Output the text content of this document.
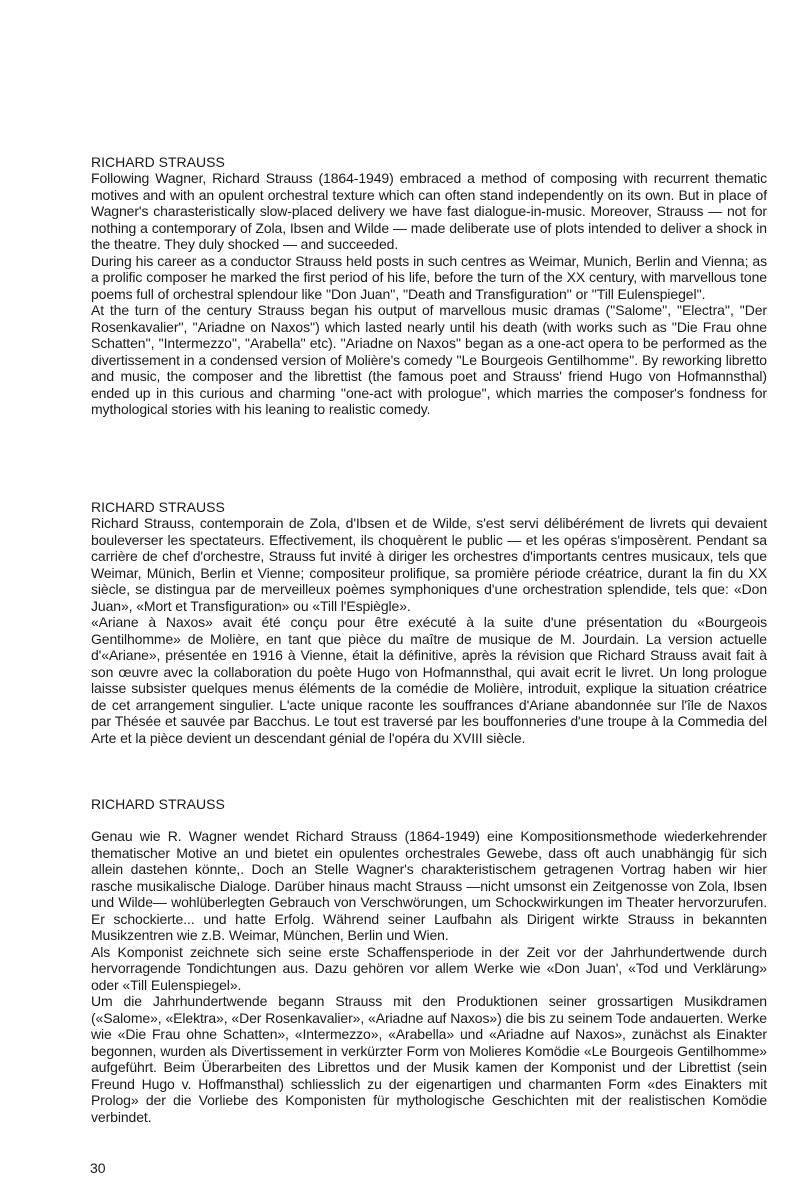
RICHARD STRAUSS

Following Wagner, Richard Strauss (1864-1949) embraced a method of composing with recurrent thematic motives and with an opulent orchestral texture which can often stand independently on its own. But in place of Wagner's charasteristically slow-placed delivery we have fast dialogue-in-music. Moreover, Strauss — not for nothing a contemporary of Zola, Ibsen and Wilde — made deliberate use of plots intended to deliver a shock in the theatre. They duly shocked — and succeeded.

During his career as a conductor Strauss held posts in such centres as Weimar, Munich, Berlin and Vienna; as a prolific composer he marked the first period of his life, before the turn of the XX century, with marvellous tone poems full of orchestral splendour like ''Don Juan'', ''Death and Transfiguration'' or ''Till Eulenspiegel''.

At the turn of the century Strauss began his output of marvellous music dramas (''Salome'', ''Electra'', ''Der Rosenkavalier'', ''Ariadne on Naxos'') which lasted nearly until his death (with works such as ''Die Frau ohne Schatten'', ''Intermezzo'', ''Arabella'' etc). ''Ariadne on Naxos'' began as a one-act opera to be performed as the divertissement in a condensed version of Molière's comedy ''Le Bourgeois Gentilhomme''. By reworking libretto and music, the composer and the librettist (the famous poet and Strauss' friend Hugo von Hofmannsthal) ended up in this curious and charming ''one-act with prologue'', which marries the composer's fondness for mythological stories with his leaning to realistic comedy.

RICHARD STRAUSS

Richard Strauss, contemporain de Zola, d'Ibsen et de Wilde, s'est servi délibérément de livrets qui devaient bouleverser les spectateurs. Effectivement, ils choquèrent le public — et les opéras s'imposèrent. Pendant sa carrière de chef d'orchestre, Strauss fut invité à diriger les orchestres d'importants centres musicaux, tels que Weimar, Münich, Berlin et Vienne; compositeur prolifique, sa promière période créatrice, durant la fin du XX siècle, se distingua par de merveilleux poèmes symphoniques d'une orchestration splendide, tels que: «Don Juan», «Mort et Transfiguration» ou «Till l'Espiègle».

«Ariane à Naxos» avait été conçu pour être exécuté à la suite d'une présentation du «Bourgeois Gentilhomme» de Molière, en tant que pièce du maître de musique de M. Jourdain. La version actuelle d'«Ariane», présentée en 1916 à Vienne, était la définitive, après la révision que Richard Strauss avait fait à son œuvre avec la collaboration du poète Hugo von Hofmannsthal, qui avait ecrit le livret. Un long prologue laisse subsister quelques menus éléments de la comédie de Molière, introduit, explique la situation créatrice de cet arrangement singulier. L'acte unique raconte les souffrances d'Ariane abandonnée sur l'île de Naxos par Thésée et sauvée par Bacchus. Le tout est traversé par les bouffonneries d'une troupe à la Commedia del Arte et la pièce devient un descendant génial de l'opéra du XVIII siècle.

RICHARD STRAUSS

Genau wie R. Wagner wendet Richard Strauss (1864-1949) eine Kompositionsmethode wiederkehrender thematischer Motive an und bietet ein opulentes orchestrales Gewebe, dass oft auch unabhängig für sich allein dastehen könnte,. Doch an Stelle Wagner's charakteristischem getragenen Vortrag haben wir hier rasche musikalische Dialoge. Darüber hinaus macht Strauss —nicht umsonst ein Zeitgenosse von Zola, Ibsen und Wilde— wohlüberlegten Gebrauch von Verschwörungen, um Schockwirkungen im Theater hervorzurufen. Er schockierte... und hatte Erfolg. Während seiner Laufbahn als Dirigent wirkte Strauss in bekannten Musikzentren wie z.B. Weimar, München, Berlin und Wien.

Als Komponist zeichnete sich seine erste Schaffensperiode in der Zeit vor der Jahrhundertwende durch hervorragende Tondichtungen aus. Dazu gehören vor allem Werke wie «Don Juan', «Tod und Verklärung» oder «Till Eulenspiegel».

Um die Jahrhundertwende begann Strauss mit den Produktionen seiner grossartigen Musikdramen («Salome», «Elektra», «Der Rosenkavalier», «Ariadne auf Naxos») die bis zu seinem Tode andauerten. Werke wie «Die Frau ohne Schatten», «Intermezzo», «Arabella» und «Ariadne auf Naxos», zunächst als Einakter begonnen, wurden als Divertissement in verkürzter Form von Molieres Komödie «Le Bourgeois Gentilhomme» aufgeführt. Beim Überarbeiten des Librettos und der Musik kamen der Komponist und der Librettist (sein Freund Hugo v. Hoffmansthal) schliesslich zu der eigenartigen und charmanten Form «des Einakters mit Prolog» der die Vorliebe des Komponisten für mythologische Geschichten mit der realistischen Komödie verbindet.

30
